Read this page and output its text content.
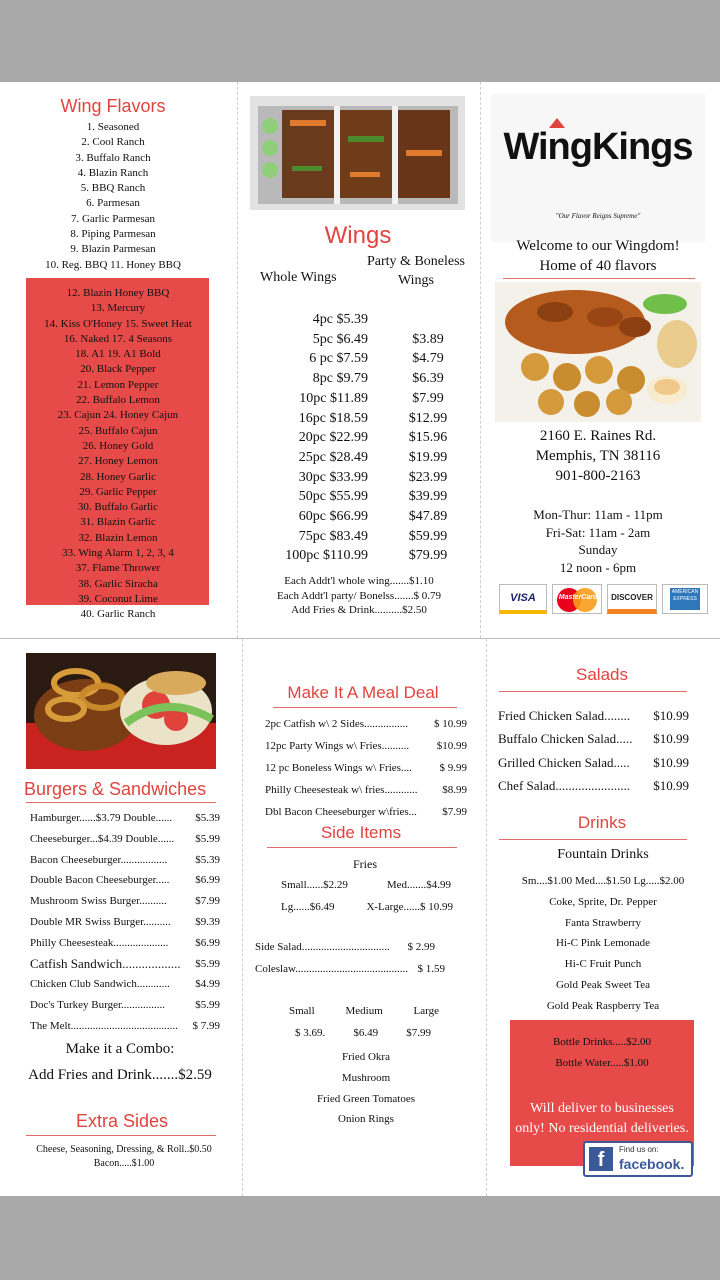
Wing Flavors
1. Seasoned
2. Cool Ranch
3. Buffalo Ranch
4. Blazin Ranch
5. BBQ Ranch
6. Parmesan
7. Garlic Parmesan
8. Piping Parmesan
9. Blazin Parmesan
10. Reg. BBQ 11. Honey BBQ
12. Blazin Honey BBQ
13. Mercury
14. Kiss O'Honey 15. Sweet Heat
16. Naked 17. 4 Seasons
18. A1 19. A1 Bold
20. Black Pepper
21. Lemon Pepper
22. Buffalo Lemon
23. Cajun 24. Honey Cajun
25. Buffalo Cajun
26. Honey Gold
27. Honey Lemon
28. Honey Garlic
29. Garlic Pepper
30. Buffalo Garlic
31. Blazin Garlic
32. Blazin Lemon
33. Wing Alarm 1, 2, 3, 4
37. Flame Thrower
38. Garlic Siracha
39. Coconut Lime
40. Garlic Ranch
Wings
Whole Wings
Party & Boneless Wings
4pc $5.39
5pc $6.49	$3.89
6 pc $7.59	$4.79
8pc $9.79	$6.39
10pc $11.89	$7.99
16pc $18.59	$12.99
20pc $22.99	$15.96
25pc $28.49	$19.99
30pc $33.99	$23.99
50pc $55.99	$39.99
60pc $66.99	$47.89
75pc $83.49	$59.99
100pc $110.99	$79.99
Each Addt'l whole wing.......$1.10
Each Addt'l party/ Bonelss.......$ 0.79
Add Fries & Drink..........$2.50
WingKings
"Our Flavor Reigns Supreme"
Welcome to our Wingdom!
Home of 40 flavors
2160 E. Raines Rd.
Memphis, TN 38116
901-800-2163
Mon-Thur: 11am - 11pm
Fri-Sat: 11am - 2am
Sunday
12 noon - 6pm
VISA	MasterCard	DISCOVER
AMERICAN EXPRESS
Burgers & Sandwiches
Hamburger......$3.79 Double...... $5.39
Cheeseburger...$4.39 Double...... $5.99
Bacon Cheeseburger.................	$5.39
Double Bacon Cheeseburger..... $6.99
Mushroom Swiss Burger..........	$7.99
Double MR Swiss Burger.......... $9.39
Philly Cheesesteak.................... $6.99
Catfish Sandwich.................. $5.99
Chicken Club Sandwich............ $4.99
Doc's Turkey Burger................	$5.99
The Melt....................................... $ 7.99
Make it a Combo:
Add Fries and Drink.......$2.59
Extra Sides
Cheese, Seasoning, Dressing, & Roll..$0.50
Bacon.....$1.00
Make It A Meal Deal
2pc Catfish w\ 2 Sides................ $ 10.99
12pc Party Wings w\ Fries..........	$10.99
12 pc Boneless Wings w\ Fries....	$ 9.99
Philly Cheesesteak w\ fries............ $8.99
Dbl Bacon Cheeseburger w\fries... $7.99
Side Items
Fries
Small......$2.29	Med.......$4.99
Lg......$6.49	X-Large......$ 10.99
Side Salad................................ $ 2.99
Coleslaw......................................... $ 1.59
Small	Medium	Large
$ 3.69.	$6.49	$7.99
Fried Okra
Mushroom
Fried Green Tomatoes
Onion Rings
Salads
Fried Chicken Salad........ $10.99
Buffalo Chicken Salad..... $10.99
Grilled Chicken Salad..... $10.99
Chef Salad....................... $10.99
Drinks
Fountain Drinks
Sm....$1.00 Med....$1.50 Lg.....$2.00
Coke, Sprite, Dr. Pepper
Fanta Strawberry
Hi-C Pink Lemonade
Hi-C Fruit Punch
Gold Peak Sweet Tea
Gold Peak Raspberry Tea
Bottle Drinks.....$2.00
Bottle Water.....$1.00
Will deliver to businesses only! No residential deliveries.
f	Find us on:
facebook.
